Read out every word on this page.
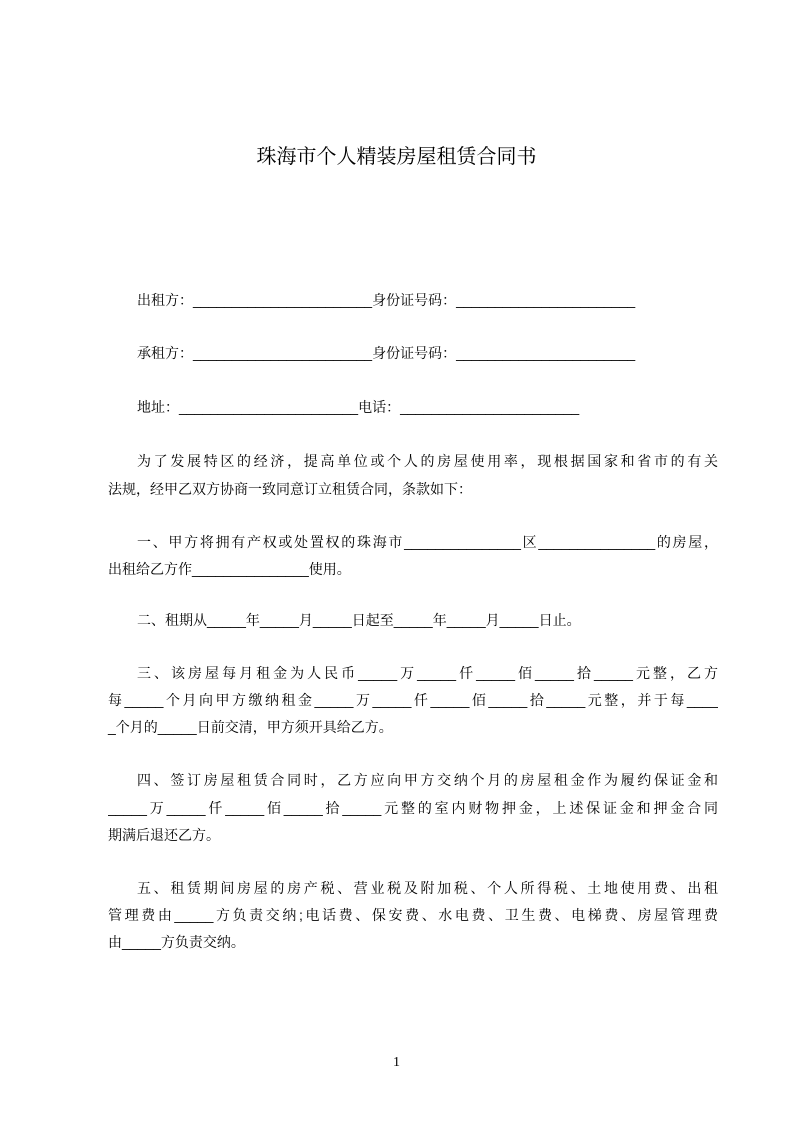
珠海市个人精装房屋租赁合同书
出租方：_______________________身份证号码：_______________________
承租方：_______________________身份证号码：_______________________
地址：_______________________电话：_______________________
为了发展特区的经济，提高单位或个人的房屋使用率，现根据国家和省市的有关
法规，经甲乙双方协商一致同意订立租赁合同，条款如下：
一、甲方将拥有产权或处置权的珠海市_______________区_______________的房屋，
出租给乙方作_______________使用。
二、租期从_____年_____月_____日起至_____年_____月_____日止。
三、该房屋每月租金为人民币_____万_____仟_____佰_____拾_____元整，乙方
每_____个月向甲方缴纳租金_____万_____仟_____佰_____拾_____元整，并于每____
_个月的_____日前交清，甲方须开具给乙方。
四、签订房屋租赁合同时，乙方应向甲方交纳个月的房屋租金作为履约保证金和
_____万_____仟_____佰_____拾_____元整的室内财物押金，上述保证金和押金合同
期满后退还乙方。
五、租赁期间房屋的房产税、营业税及附加税、个人所得税、土地使用费、出租
管理费由_____方负责交纳;电话费、保安费、水电费、卫生费、电梯费、房屋管理费
由_____方负责交纳。
1
